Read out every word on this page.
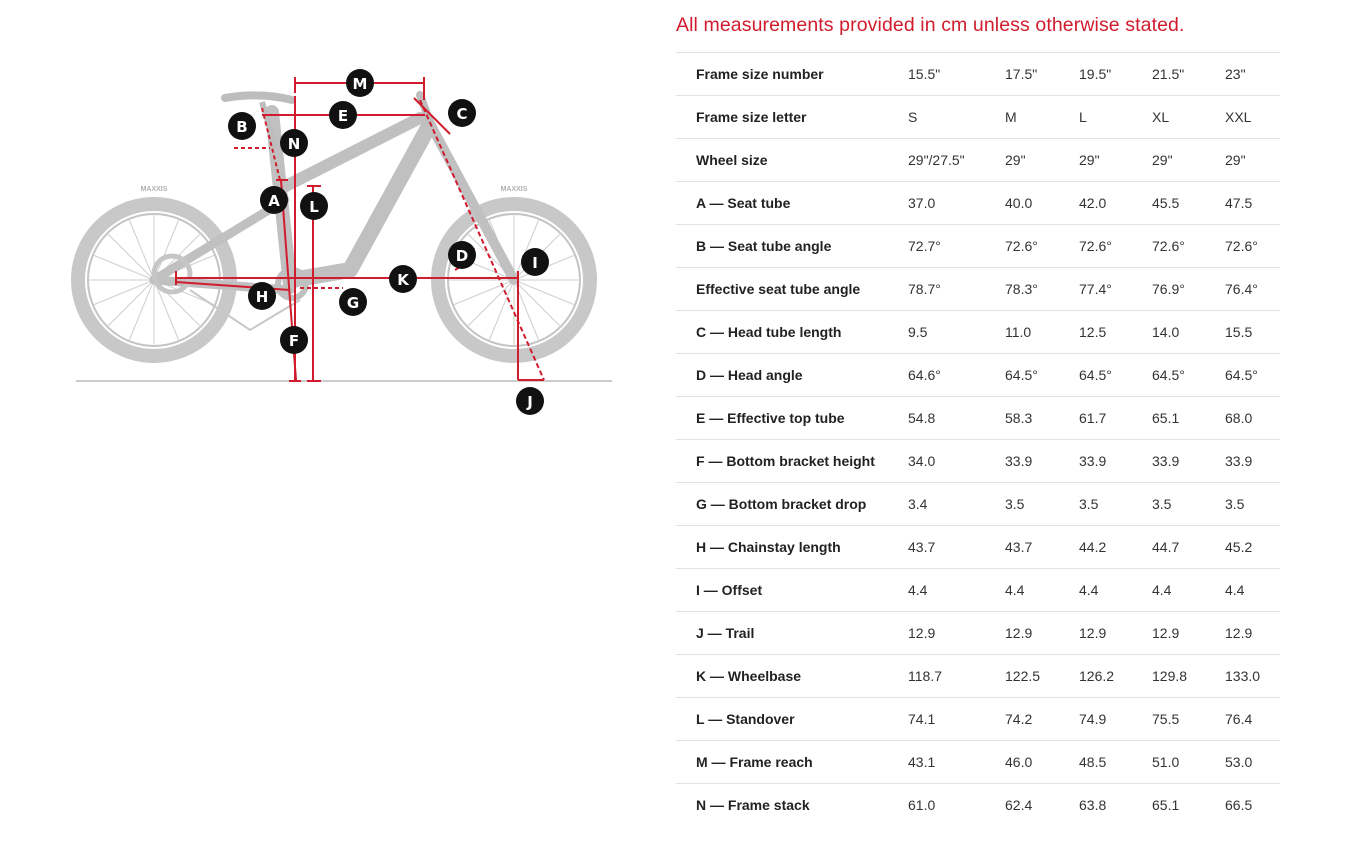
MAXXIS	MAXXIS
M
E	C
B
N
A L
D	I
K
H	G
F
J
All measurements provided in cm unless otherwise stated.
Frame size number	15.5"	17.5"	19.5"	21.5"	23"
Frame size letter	S	M	L	XL	XXL
Wheel size	29"/27.5"	29"	29"	29"	29"
A — Seat tube	37.0	40.0	42.0	45.5	47.5
B — Seat tube angle	72.7°	72.6°	72.6°	72.6°	72.6°
Effective seat tube angle	78.7°	78.3°	77.4°	76.9°	76.4°
C — Head tube length	9.5	11.0	12.5	14.0	15.5
D — Head angle	64.6°	64.5°	64.5°	64.5°	64.5°
E — Effective top tube	54.8	58.3	61.7	65.1	68.0
F — Bottom bracket height	34.0	33.9	33.9	33.9	33.9
G — Bottom bracket drop	3.4	3.5	3.5	3.5	3.5
H — Chainstay length	43.7	43.7	44.2	44.7	45.2
I — Offset	4.4	4.4	4.4	4.4	4.4
J — Trail	12.9	12.9	12.9	12.9	12.9
K — Wheelbase	118.7	122.5	126.2	129.8	133.0
L — Standover	74.1	74.2	74.9	75.5	76.4
M — Frame reach	43.1	46.0	48.5	51.0	53.0
N — Frame stack	61.0	62.4	63.8	65.1	66.5
